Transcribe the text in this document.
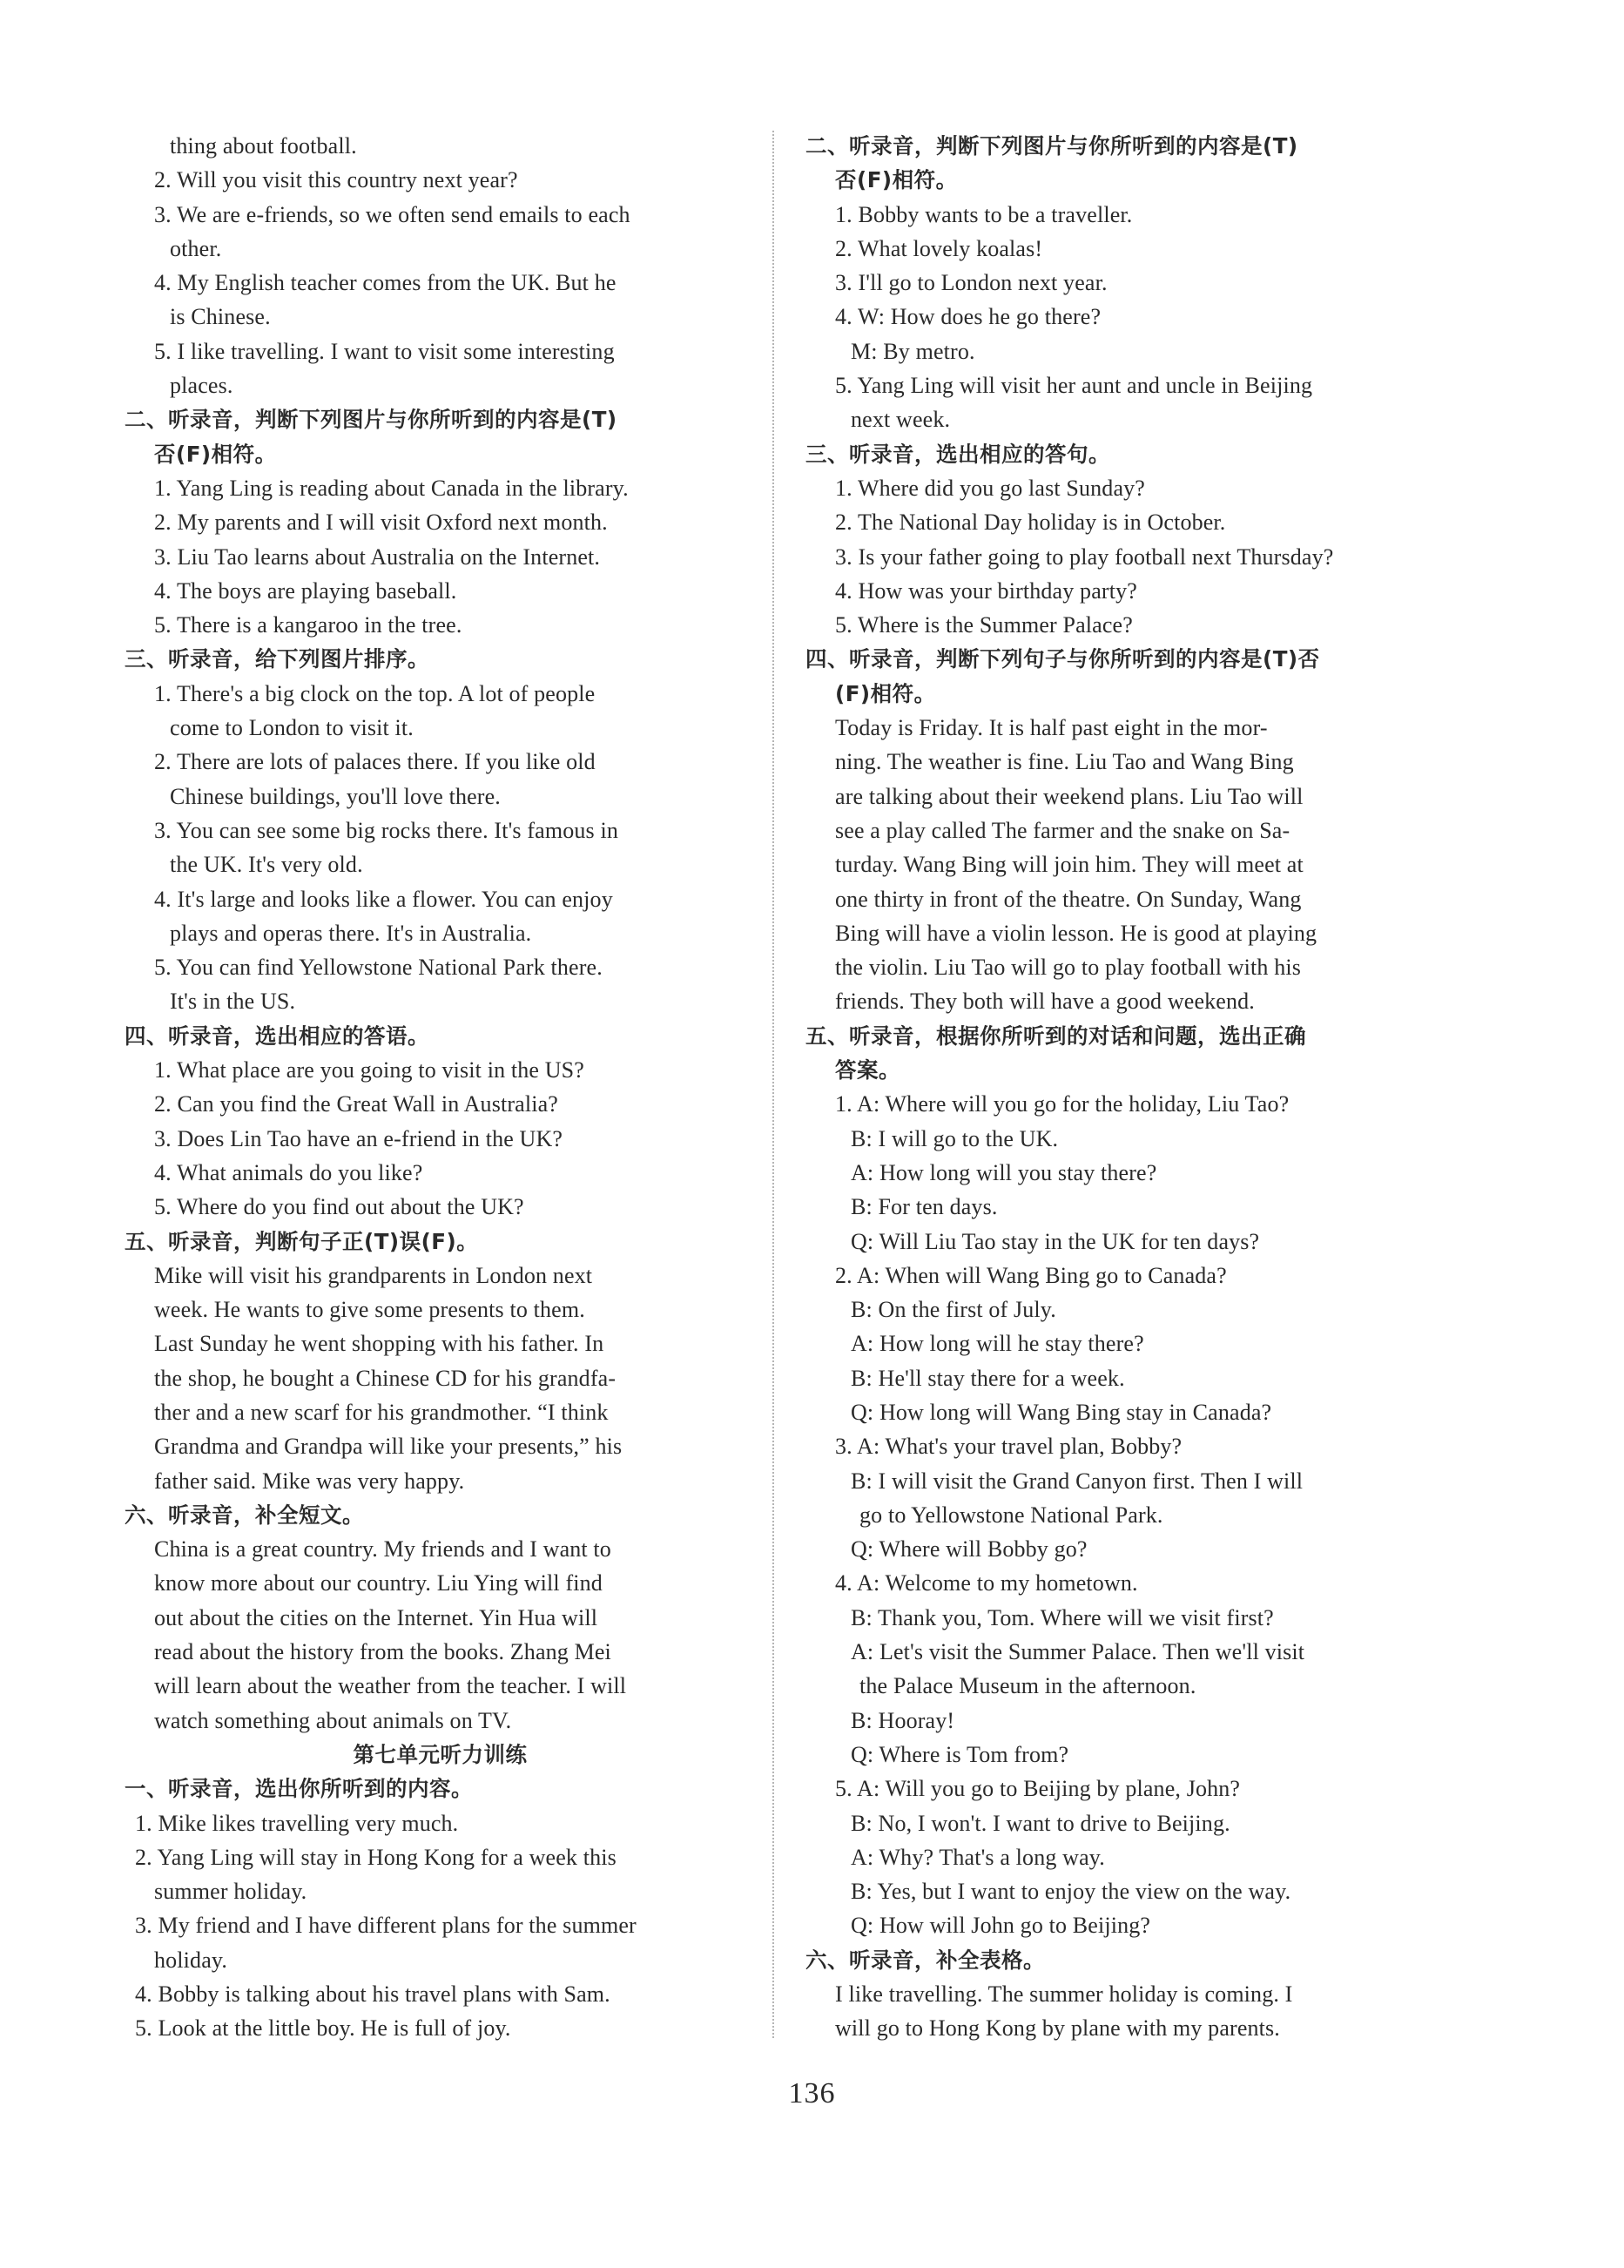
thing about football.
2. Will you visit this country next year?
3. We are e-friends, so we often send emails to each
other.
4. My English teacher comes from the UK. But he
is Chinese.
5. I like travelling. I want to visit some interesting
places.
二、听录音，判断下列图片与你所听到的内容是(T)
否(F)相符。
1. Yang Ling is reading about Canada in the library.
2. My parents and I will visit Oxford next month.
3. Liu Tao learns about Australia on the Internet.
4. The boys are playing baseball.
5. There is a kangaroo in the tree.
三、听录音，给下列图片排序。
1. There's a big clock on the top. A lot of people
come to London to visit it.
2. There are lots of palaces there. If you like old
Chinese buildings, you'll love there.
3. You can see some big rocks there. It's famous in
the UK. It's very old.
4. It's large and looks like a flower. You can enjoy
plays and operas there. It's in Australia.
5. You can find Yellowstone National Park there.
It's in the US.
四、听录音，选出相应的答语。
1. What place are you going to visit in the US?
2. Can you find the Great Wall in Australia?
3. Does Lin Tao have an e-friend in the UK?
4. What animals do you like?
5. Where do you find out about the UK?
五、听录音，判断句子正(T)误(F)。
Mike will visit his grandparents in London next
week. He wants to give some presents to them.
Last Sunday he went shopping with his father. In
the shop, he bought a Chinese CD for his grandfa-
ther and a new scarf for his grandmother. “I think
Grandma and Grandpa will like your presents,” his
father said. Mike was very happy.
六、听录音，补全短文。
China is a great country. My friends and I want to
know more about our country. Liu Ying will find
out about the cities on the Internet. Yin Hua will
read about the history from the books. Zhang Mei
will learn about the weather from the teacher. I will
watch something about animals on TV.
第七单元听力训练
一、听录音，选出你所听到的内容。
1. Mike likes travelling very much.
2. Yang Ling will stay in Hong Kong for a week this
summer holiday.
3. My friend and I have different plans for the summer
holiday.
4. Bobby is talking about his travel plans with Sam.
5. Look at the little boy. He is full of joy.
二、听录音，判断下列图片与你所听到的内容是(T)
否(F)相符。
1. Bobby wants to be a traveller.
2. What lovely koalas!
3. I'll go to London next year.
4. W: How does he go there?
M: By metro.
5. Yang Ling will visit her aunt and uncle in Beijing
next week.
三、听录音，选出相应的答句。
1. Where did you go last Sunday?
2. The National Day holiday is in October.
3. Is your father going to play football next Thursday?
4. How was your birthday party?
5. Where is the Summer Palace?
四、听录音，判断下列句子与你所听到的内容是(T)否
(F)相符。
Today is Friday. It is half past eight in the mor-
ning. The weather is fine. Liu Tao and Wang Bing
are talking about their weekend plans. Liu Tao will
see a play called The farmer and the snake on Sa-
turday. Wang Bing will join him. They will meet at
one thirty in front of the theatre. On Sunday, Wang
Bing will have a violin lesson. He is good at playing
the violin. Liu Tao will go to play football with his
friends. They both will have a good weekend.
五、听录音，根据你所听到的对话和问题，选出正确
答案。
1. A: Where will you go for the holiday, Liu Tao?
B: I will go to the UK.
A: How long will you stay there?
B: For ten days.
Q: Will Liu Tao stay in the UK for ten days?
2. A: When will Wang Bing go to Canada?
B: On the first of July.
A: How long will he stay there?
B: He'll stay there for a week.
Q: How long will Wang Bing stay in Canada?
3. A: What's your travel plan, Bobby?
B: I will visit the Grand Canyon first. Then I will
go to Yellowstone National Park.
Q: Where will Bobby go?
4. A: Welcome to my hometown.
B: Thank you, Tom. Where will we visit first?
A: Let's visit the Summer Palace. Then we'll visit
the Palace Museum in the afternoon.
B: Hooray!
Q: Where is Tom from?
5. A: Will you go to Beijing by plane, John?
B: No, I won't. I want to drive to Beijing.
A: Why? That's a long way.
B: Yes, but I want to enjoy the view on the way.
Q: How will John go to Beijing?
六、听录音，补全表格。
I like travelling. The summer holiday is coming. I
will go to Hong Kong by plane with my parents.
136
